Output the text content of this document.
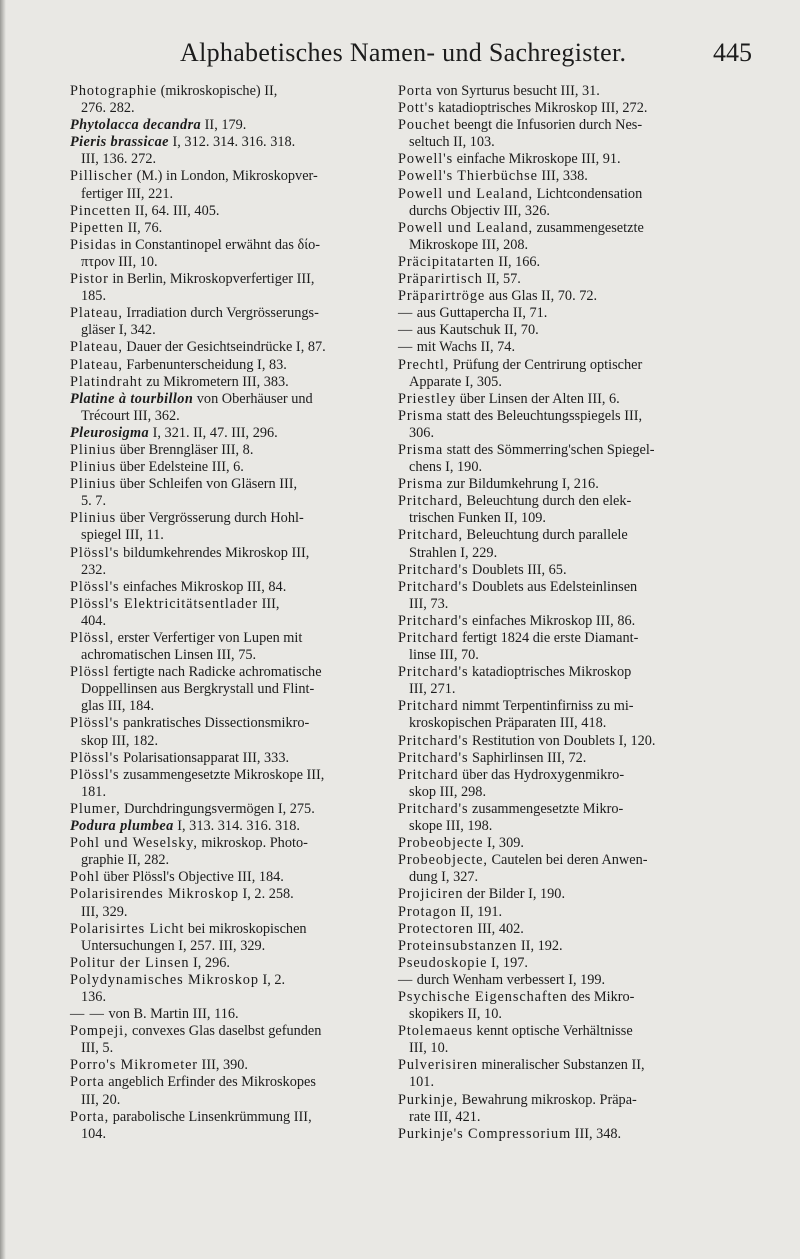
Alphabetisches Namen- und Sachregister.	445
Photographie (mikroskopische) II,
276. 282.
Phytolacca decandra II, 179.
Pieris brassicae I, 312. 314. 316. 318.
III, 136. 272.
Pillischer (M.) in London, Mikroskopver-
fertiger III, 221.
Pincetten II, 64. III, 405.
Pipetten II, 76.
Pisidas in Constantinopel erwähnt das δίο-
πτρον III, 10.
Pistor in Berlin, Mikroskopverfertiger III,
185.
Plateau, Irradiation durch Vergrösserungs-
gläser I, 342.
Plateau, Dauer der Gesichtseindrücke I, 87.
Plateau, Farbenunterscheidung I, 83.
Platindraht zu Mikrometern III, 383.
Platine à tourbillon von Oberhäuser und
Trécourt III, 362.
Pleurosigma I, 321. II, 47. III, 296.
Plinius über Brenngläser III, 8.
Plinius über Edelsteine III, 6.
Plinius über Schleifen von Gläsern III,
5. 7.
Plinius über Vergrösserung durch Hohl-
spiegel III, 11.
Plössl's bildumkehrendes Mikroskop III,
232.
Plössl's einfaches Mikroskop III, 84.
Plössl's Elektricitätsentlader III,
404.
Plössl, erster Verfertiger von Lupen mit
achromatischen Linsen III, 75.
Plössl fertigte nach Radicke achromatische
Doppellinsen aus Bergkrystall und Flint-
glas III, 184.
Plössl's pankratisches Dissectionsmikro-
skop III, 182.
Plössl's Polarisationsapparat III, 333.
Plössl's zusammengesetzte Mikroskope III,
181.
Plumer, Durchdringungsvermögen I, 275.
Podura plumbea I, 313. 314. 316. 318.
Pohl und Weselsky, mikroskop. Photo-
graphie II, 282.
Pohl über Plössl's Objective III, 184.
Polarisirendes Mikroskop I, 2. 258.
III, 329.
Polarisirtes Licht bei mikroskopischen
Untersuchungen I, 257. III, 329.
Politur der Linsen I, 296.
Polydynamisches Mikroskop I, 2.
136.
— — von B. Martin III, 116.
Pompeji, convexes Glas daselbst gefunden
III, 5.
Porro's Mikrometer III, 390.
Porta angeblich Erfinder des Mikroskopes
III, 20.
Porta, parabolische Linsenkrümmung III,
104.
Porta von Syrturus besucht III, 31.
Pott's katadioptrisches Mikroskop III, 272.
Pouchet beengt die Infusorien durch Nes-
seltuch II, 103.
Powell's einfache Mikroskope III, 91.
Powell's Thierbüchse III, 338.
Powell und Lealand, Lichtcondensation
durchs Objectiv III, 326.
Powell und Lealand, zusammengesetzte
Mikroskope III, 208.
Präcipitatarten II, 166.
Präparirtisch II, 57.
Präparirtröge aus Glas II, 70. 72.
— aus Guttapercha II, 71.
— aus Kautschuk II, 70.
— mit Wachs II, 74.
Prechtl, Prüfung der Centrirung optischer
Apparate I, 305.
Priestley über Linsen der Alten III, 6.
Prisma statt des Beleuchtungsspiegels III,
306.
Prisma statt des Sömmerring'schen Spiegel-
chens I, 190.
Prisma zur Bildumkehrung I, 216.
Pritchard, Beleuchtung durch den elek-
trischen Funken II, 109.
Pritchard, Beleuchtung durch parallele
Strahlen I, 229.
Pritchard's Doublets III, 65.
Pritchard's Doublets aus Edelsteinlinsen
III, 73.
Pritchard's einfaches Mikroskop III, 86.
Pritchard fertigt 1824 die erste Diamant-
linse III, 70.
Pritchard's katadioptrisches Mikroskop
III, 271.
Pritchard nimmt Terpentinfirniss zu mi-
kroskopischen Präparaten III, 418.
Pritchard's Restitution von Doublets I, 120.
Pritchard's Saphirlinsen III, 72.
Pritchard über das Hydroxygenmikro-
skop III, 298.
Pritchard's zusammengesetzte Mikro-
skope III, 198.
Probeobjecte I, 309.
Probeobjecte, Cautelen bei deren Anwen-
dung I, 327.
Projiciren der Bilder I, 190.
Protagon II, 191.
Protectoren III, 402.
Proteinsubstanzen II, 192.
Pseudoskopie I, 197.
— durch Wenham verbessert I, 199.
Psychische Eigenschaften des Mikro-
skopikers II, 10.
Ptolemaeus kennt optische Verhältnisse
III, 10.
Pulverisiren mineralischer Substanzen II,
101.
Purkinje, Bewahrung mikroskop. Präpa-
rate III, 421.
Purkinje's Compressorium III, 348.
